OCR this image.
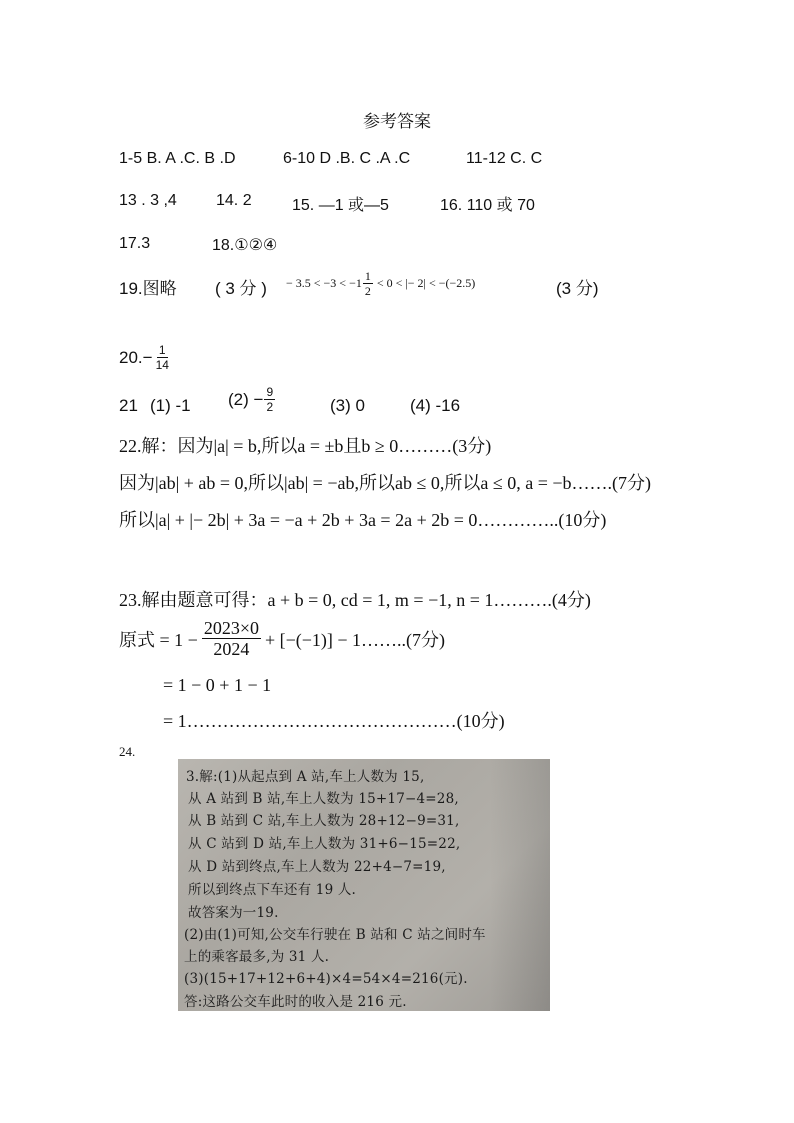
参考答案
1-5 B. A .C. B .D	6-10 D .B. C .A .C	11-12 C. C
13 . 3 ,4 14. 2	15. —1 或—5	16. 110 或 70
17.3	18.①②④
19.图略 ( 3 分 ) − $3.5 < -3 < -1 \frac{1}{2} < 0$ < |− 2| < −(−2.5)	(3 分)
$20.- \frac{1}{14}$
21 (1) -1 $(2) - \frac{9}{2}$	(3) 0	(4) -16
22.解：因为|a| = b,所以a = ±b且b ≥ 0………(3分)
因为|ab| + ab = 0,所以|ab| = −ab,所以ab ≤ 0,所以a ≤ 0, a = −b…….(7分)
所以|a| + |− 2b| + 3a = −a + 2b + 3a = 2a + 2b = 0…………..(10分)
23.解由题意可得：a + b = 0, cd = 1, m = −1, n = 1……….(4分)
原式 = $1 - \frac{2023\times 0}{2024} + [-(-1)]$ − 1……..(7分)
= 1 − 0 + 1 − 1
= 1………………………………………(10分)
24.
3.解:(1)从起点到 A 站,车上人数为 15,
从 A 站到 B 站,车上人数为 15+17−4=28,
从 B 站到 C 站,车上人数为 28+12−9=31,
从 C 站到 D 站,车上人数为 31+6−15=22,
从 D 站到终点,车上人数为 22+4−7=19,
所以到终点下车还有 19 人.
故答案为一19.
(2)由(1)可知,公交车行驶在 B 站和 C 站之间时车
上的乘客最多,为 31 人.
(3)(15+17+12+6+4)×4=54×4=216(元).
答:这路公交车此时的收入是 216 元.
